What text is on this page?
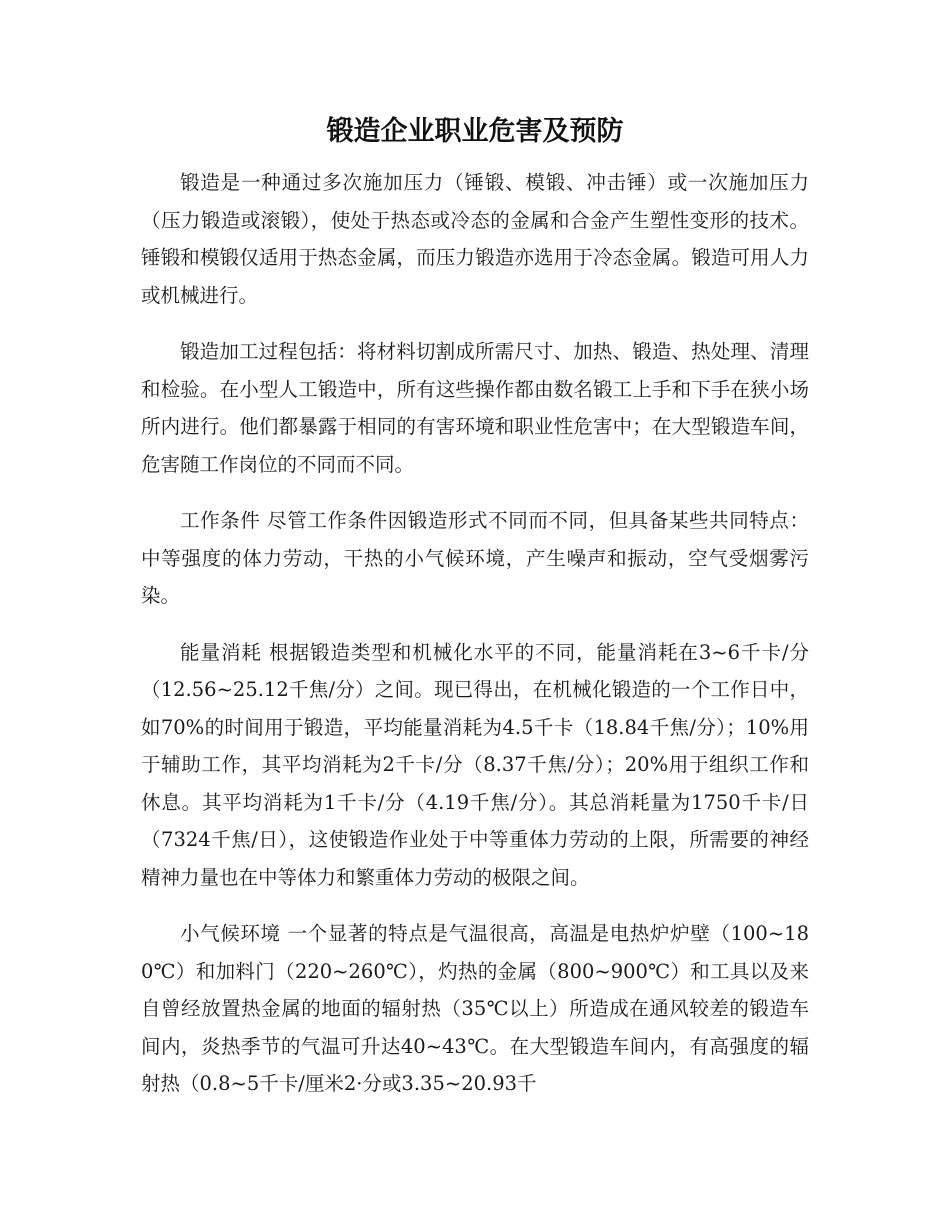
锻造企业职业危害及预防

锻造是一种通过多次施加压力（锤锻、模锻、冲击锤）或一次施加压力（压力锻造或滚锻），使处于热态或冷态的金属和合金产生塑性变形的技术。锤锻和模锻仅适用于热态金属，而压力锻造亦选用于冷态金属。锻造可用人力或机械进行。

锻造加工过程包括：将材料切割成所需尺寸、加热、锻造、热处理、清理和检验。在小型人工锻造中，所有这些操作都由数名锻工上手和下手在狭小场所内进行。他们都暴露于相同的有害环境和职业性危害中；在大型锻造车间，危害随工作岗位的不同而不同。

工作条件 尽管工作条件因锻造形式不同而不同，但具备某些共同特点：中等强度的体力劳动，干热的小气候环境，产生噪声和振动，空气受烟雾污染。

能量消耗 根据锻造类型和机械化水平的不同，能量消耗在3~6千卡/分（12.56~25.12千焦/分）之间。现已得出，在机械化锻造的一个工作日中，如70%的时间用于锻造，平均能量消耗为4.5千卡（18.84千焦/分）；10%用于辅助工作，其平均消耗为2千卡/分（8.37千焦/分）；20%用于组织工作和休息。其平均消耗为1千卡/分（4.19千焦/分）。其总消耗量为1750千卡/日（7324千焦/日），这使锻造作业处于中等重体力劳动的上限，所需要的神经精神力量也在中等体力和繁重体力劳动的极限之间。

小气候环境 一个显著的特点是气温很高，高温是电热炉炉壁（100~180℃）和加料门（220~260℃），灼热的金属（800~900℃）和工具以及来自曾经放置热金属的地面的辐射热（35℃以上）所造成在通风较差的锻造车间内，炎热季节的气温可升达40~43℃。在大型锻造车间内，有高强度的辐射热（0.8~5千卡/厘米2·分或3.35~20.93千
